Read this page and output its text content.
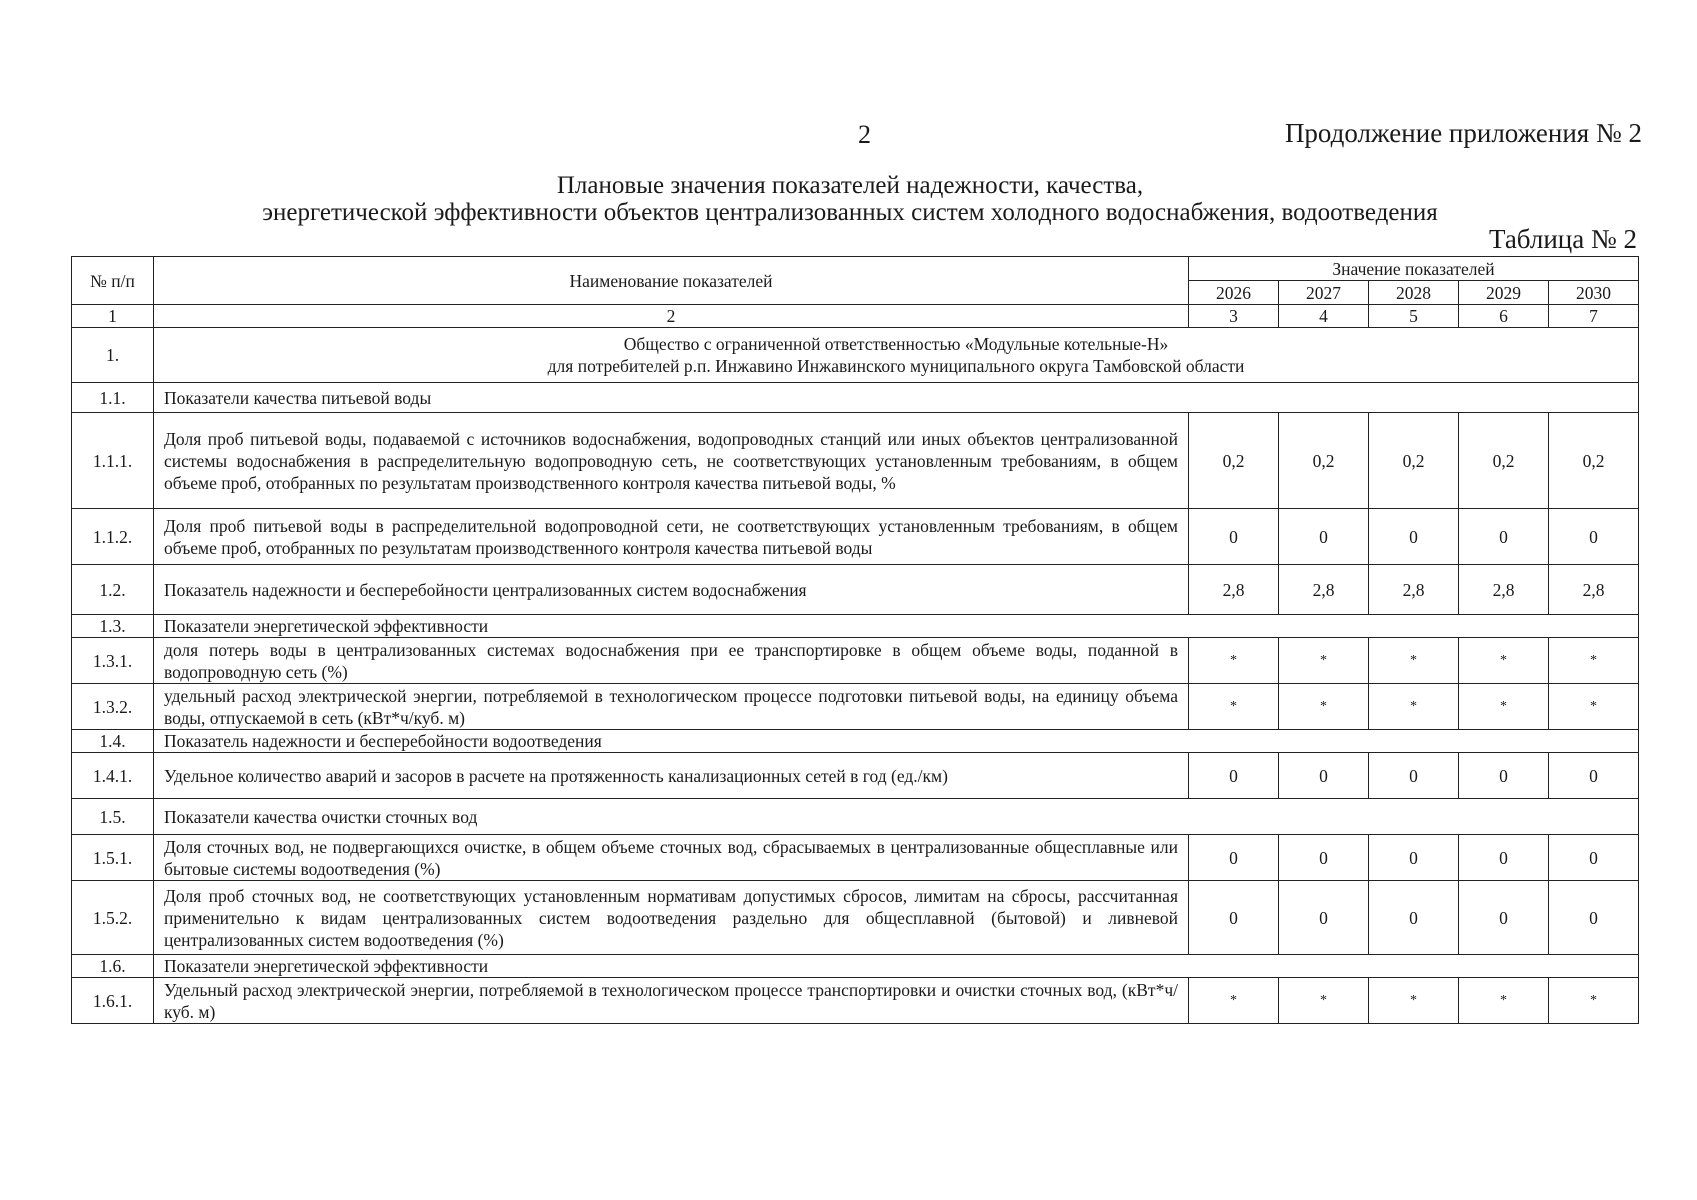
2	Продолжение приложения № 2
Плановые значения показателей надежности, качества,
энергетической эффективности объектов централизованных систем холодного водоснабжения, водоотведения
Таблица № 2
№ п/п	Наименование показателей	Значение показателей				
		2026	2027	2028	2029	2030
1	2	3	4	5	6	7
1.	Общество с ограниченной ответственностью «Модульные котельные-Н»
для потребителей р.п. Инжавино Инжавинского муниципального округа Тамбовской области					

1.1.	Показатели качества питьевой воды					
1.1.1.	Доля проб питьевой воды, подаваемой с источников водоснабжения, водопроводных станций или иных объектов централизованной системы водоснабжения в распределительную водопроводную сеть, не соответствующих установленным требованиям, в общем объеме проб, отобранных по результатам производственного контроля качества питьевой воды, %	0,2	0,2	0,2	0,2	0,2
1.1.2.	Доля проб питьевой воды в распределительной водопроводной сети, не соответствующих установленным требованиям, в общем объеме проб, отобранных по результатам производственного контроля качества питьевой воды	0	0	0	0	0
1.2.	Показатель надежности и бесперебойности централизованных систем водоснабжения	2,8	2,8	2,8	2,8	2,8
1.3.	Показатели энергетической эффективности					
1.3.1.	доля потерь воды в централизованных системах водоснабжения при ее транспортировке в общем объеме воды, поданной в водопроводную сеть (%)	*	*	*	*	*
1.3.2.	удельный расход электрической энергии, потребляемой в технологическом процессе подготовки питьевой воды, на единицу объема воды, отпускаемой в сеть (кВт*ч/куб. м)	*	*	*	*	*
1.4.	Показатель надежности и бесперебойности водоотведения					
1.4.1.	Удельное количество аварий и засоров в расчете на протяженность канализационных сетей в год (ед./км)	0	0	0	0	0
1.5.	Показатели качества очистки сточных вод					
1.5.1.	Доля сточных вод, не подвергающихся очистке, в общем объеме сточных вод, сбрасываемых в централизованные общесплавные или бытовые системы водоотведения (%)	0	0	0	0	0
1.5.2.	Доля проб сточных вод, не соответствующих установленным нормативам допустимых сбросов, лимитам на сбросы, рассчитанная применительно к видам централизованных систем водоотведения раздельно для общесплавной (бытовой) и ливневой централизованных систем водоотведения (%)	0	0	0	0	0
1.6.	Показатели энергетической эффективности					
1.6.1.	Удельный расход электрической энергии, потребляемой в технологическом процессе транспортировки и очистки сточных вод, (кВт*ч/куб. м)	*	*	*	*	*
